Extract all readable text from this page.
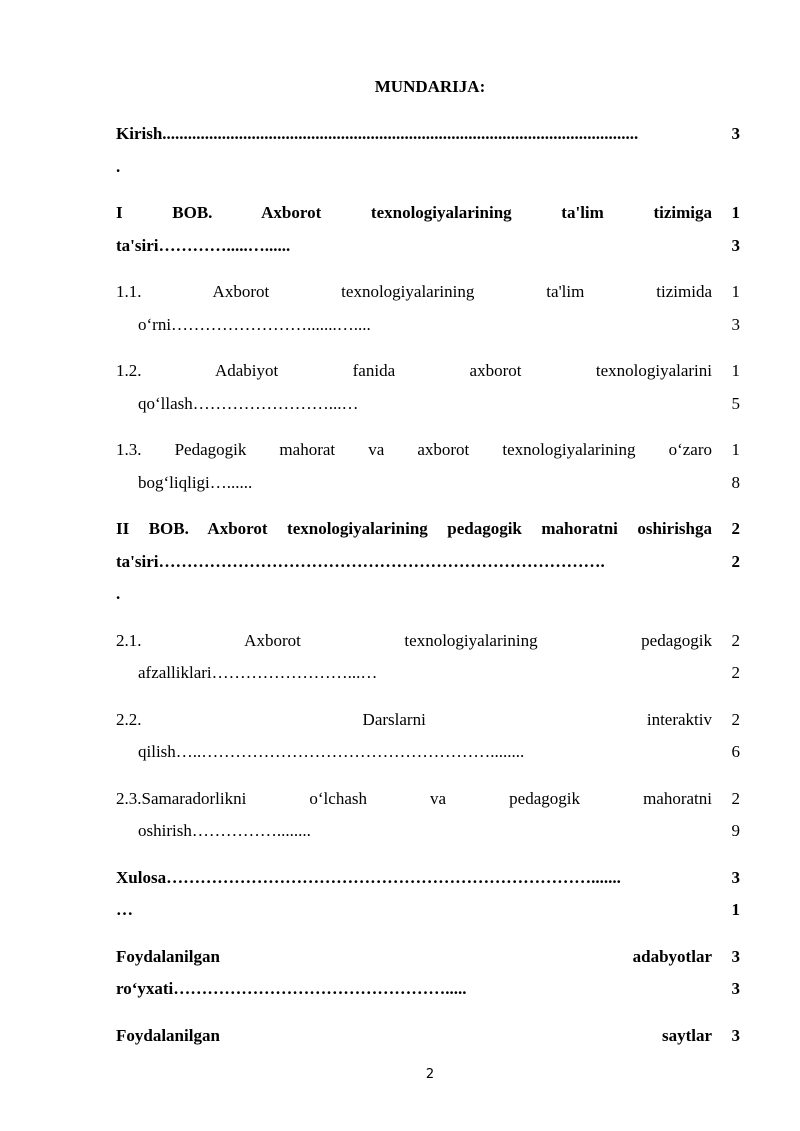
MUNDARIJA:
Kirish................................................................................................................
.
3
I BOB. Axborot texnologiyalarining ta'lim tizimiga
ta'siri………….....…......
1
3
1.1. Axborot texnologiyalarining ta'lim tizimida
o‘rni…………………….......…....
1
3
1.2. Adabiyot fanida axborot texnologiyalarini
qo‘llash……………………...…
1
5
1.3. Pedagogik mahorat va axborot texnologiyalarining o‘zaro
bog‘liqligi…......
1
8
II BOB. Axborot texnologiyalarining pedagogik mahoratni oshirishga
ta'siri…………………………………………………………………….
.
2
2
2.1. Axborot texnologiyalarining pedagogik
afzalliklari……………………...…
2
2
2.2. Darslarni interaktiv
qilish…..……………………………………………........
2
6
2.3.Samaradorlikni o‘lchash va pedagogik mahoratni
oshirish……………........
2
9
Xulosa………………………………………………………………….......
…
3
1
Foydalanilgan adabyotlar
ro‘yxati………………………………………….....
3
3
Foydalanilgan saytlar	3
2
